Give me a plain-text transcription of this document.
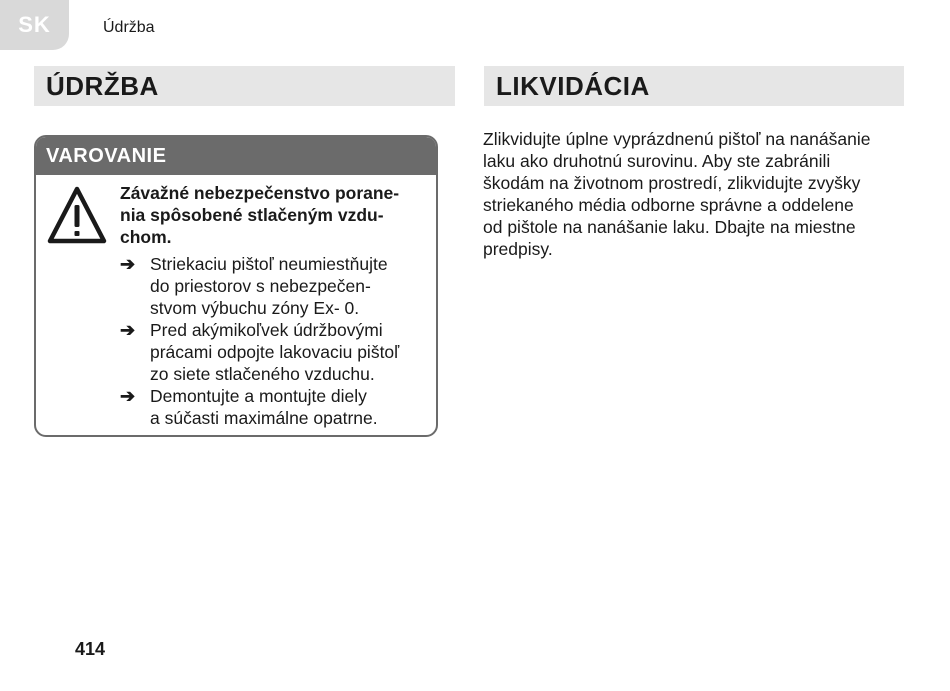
SK	Údržba
ÚDRŽBA	LIKVIDÁCIA
VAROVANIE
Závažné nebezpečenstvo porane-
nia spôsobené stlačeným vzdu-
chom.
➔ Striekaciu pištoľ neumiestňujte
do priestorov s nebezpečen-
stvom výbuchu zóny Ex- 0.
➔ Pred akýmikoľvek údržbovými
prácami odpojte lakovaciu pištoľ
zo siete stlačeného vzduchu.
➔ Demontujte a montujte diely
a súčasti maximálne opatrne.
Zlikvidujte úplne vyprázdnenú pištoľ na nanášanie
laku ako druhotnú surovinu. Aby ste zabránili
škodám na životnom prostredí, zlikvidujte zvyšky
striekaného média odborne správne a oddelene
od pištole na nanášanie laku. Dbajte na miestne
predpisy.
414
